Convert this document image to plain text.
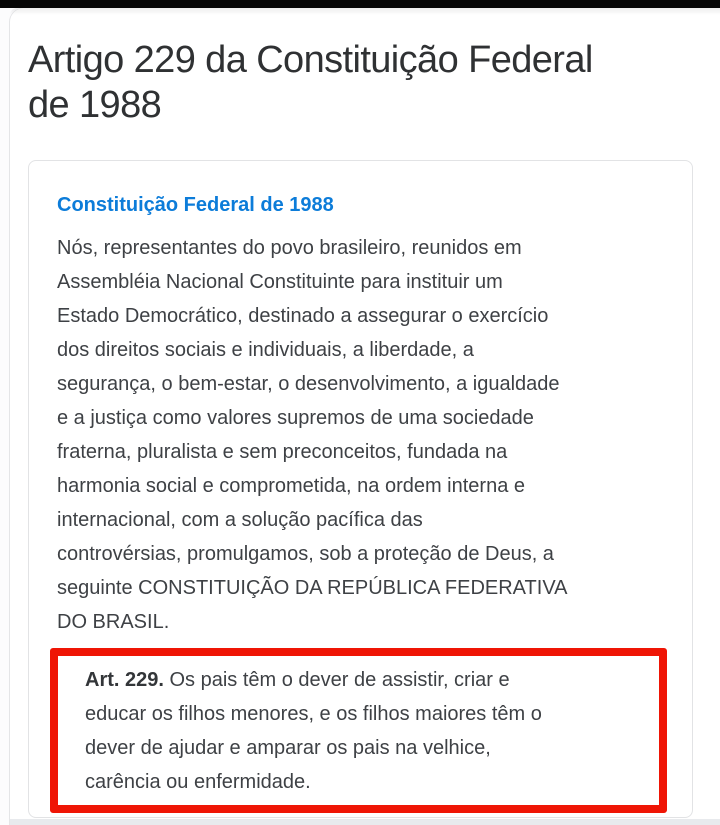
Artigo 229 da Constituição Federal
de 1988
Constituição Federal de 1988
Nós, representantes do povo brasileiro, reunidos em
Assembléia Nacional Constituinte para instituir um
Estado Democrático, destinado a assegurar o exercício
dos direitos sociais e individuais, a liberdade, a
segurança, o bem-estar, o desenvolvimento, a igualdade
e a justiça como valores supremos de uma sociedade
fraterna, pluralista e sem preconceitos, fundada na
harmonia social e comprometida, na ordem interna e
internacional, com a solução pacífica das
controvérsias, promulgamos, sob a proteção de Deus, a
seguinte CONSTITUIÇÃO DA REPÚBLICA FEDERATIVA
DO BRASIL.
Art. 229. Os pais têm o dever de assistir, criar e
educar os filhos menores, e os filhos maiores têm o
dever de ajudar e amparar os pais na velhice,
carência ou enfermidade.
